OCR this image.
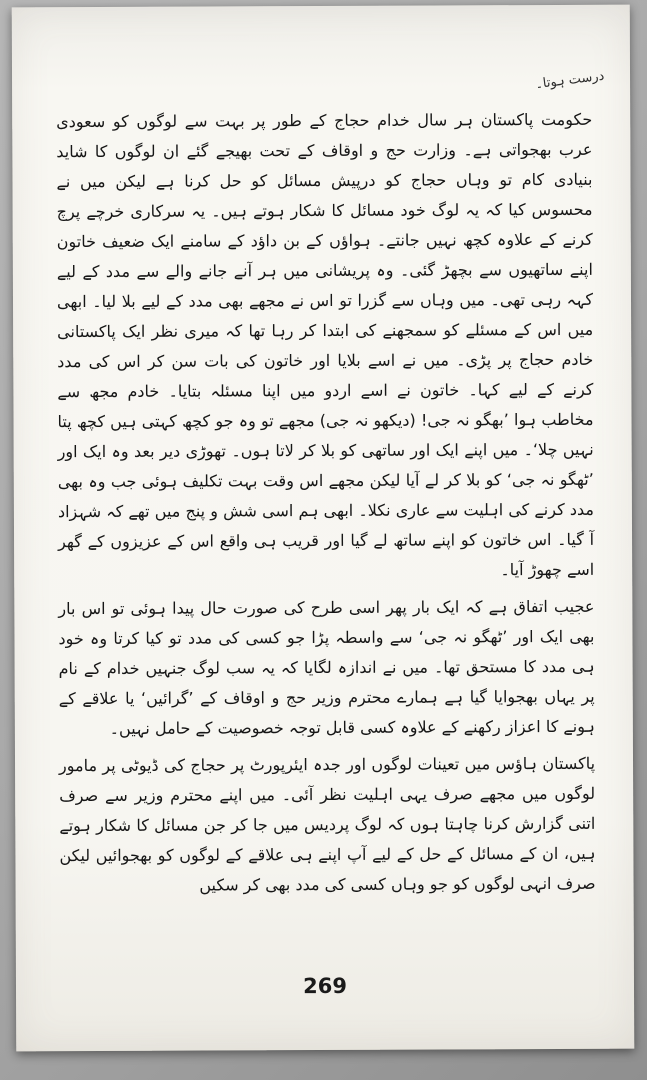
درست ہوتا۔

حکومت پاکستان ہر سال خدام حجاج کے طور پر بہت سے لوگوں کو سعودی عرب بھجواتی ہے۔ وزارت حج و اوقاف کے تحت بھیجے گئے ان لوگوں کا شاید بنیادی کام تو وہاں حجاج کو درپیش مسائل کو حل کرنا ہے لیکن میں نے محسوس کیا کہ یہ لوگ خود مسائل کا شکار ہوتے ہیں۔ یہ سرکاری خرچے پرچ کرنے کے علاوہ کچھ نہیں جانتے۔ ہواؤں کے بن داؤد کے سامنے ایک ضعیف خاتون اپنے ساتھیوں سے بچھڑ گئی۔ وہ پریشانی میں ہر آنے جانے والے سے مدد کے لیے کہہ رہی تھی۔ میں وہاں سے گزرا تو اس نے مجھے بھی مدد کے لیے بلا لیا۔ ابھی میں اس کے مسئلے کو سمجھنے کی ابتدا کر رہا تھا کہ میری نظر ایک پاکستانی خادم حجاج پر پڑی۔ میں نے اسے بلایا اور خاتون کی بات سن کر اس کی مدد کرنے کے لیے کہا۔ خاتون نے اسے اردو میں اپنا مسئلہ بتایا۔ خادم مجھ سے مخاطب ہوا ’بھگو نہ جی! (دیکھو نہ جی) مجھے تو وہ جو کچھ کہتی ہیں کچھ پتا نہیں چلا‘۔ میں اپنے ایک اور ساتھی کو بلا کر لاتا ہوں۔ تھوڑی دیر بعد وہ ایک اور ’ٹھگو نہ جی‘ کو بلا کر لے آیا لیکن مجھے اس وقت بہت تکلیف ہوئی جب وہ بھی مدد کرنے کی اہلیت سے عاری نکلا۔ ابھی ہم اسی شش و پنج میں تھے کہ شہزاد آ گیا۔ اس خاتون کو اپنے ساتھ لے گیا اور قریب ہی واقع اس کے عزیزوں کے گھر اسے چھوڑ آیا۔

عجیب اتفاق ہے کہ ایک بار پھر اسی طرح کی صورت حال پیدا ہوئی تو اس بار بھی ایک اور ’ٹھگو نہ جی‘ سے واسطہ پڑا جو کسی کی مدد تو کیا کرتا وہ خود ہی مدد کا مستحق تھا۔ میں نے اندازہ لگایا کہ یہ سب لوگ جنہیں خدام کے نام پر یہاں بھجوایا گیا ہے ہمارے محترم وزیر حج و اوقاف کے ’گرائیں‘ یا علاقے کے ہونے کا اعزاز رکھنے کے علاوہ کسی قابل توجہ خصوصیت کے حامل نہیں۔

پاکستان ہاؤس میں تعینات لوگوں اور جدہ ایئرپورٹ پر حجاج کی ڈیوٹی پر مامور لوگوں میں مجھے صرف یہی اہلیت نظر آئی۔ میں اپنے محترم وزیر سے صرف اتنی گزارش کرنا چاہتا ہوں کہ لوگ پردیس میں جا کر جن مسائل کا شکار ہوتے ہیں، ان کے مسائل کے حل کے لیے آپ اپنے ہی علاقے کے لوگوں کو بھجوائیں لیکن صرف انہی لوگوں کو جو وہاں کسی کی مدد بھی کر سکیں

269
